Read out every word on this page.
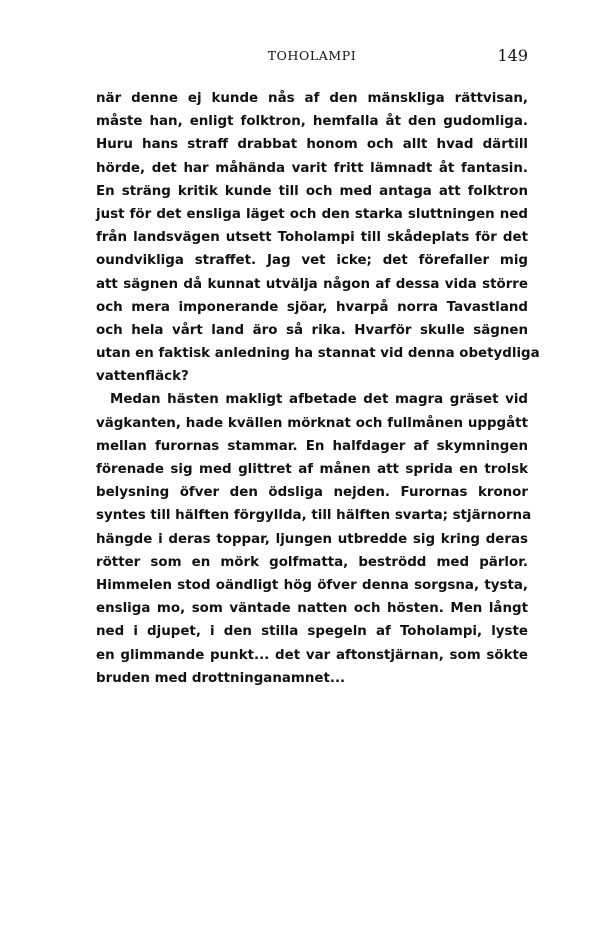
TOHOLAMPI	149
när denne ej kunde nås af den mänskliga rättvisan,
måste han, enligt folktron, hemfalla åt den gudomliga.
Huru hans straff drabbat honom och allt hvad därtill
hörde, det har måhända varit fritt lämnadt åt fantasin.
En sträng kritik kunde till och med antaga att folktron
just för det ensliga läget och den starka sluttningen ned
från landsvägen utsett Toholampi till skådeplats för det
oundvikliga straffet. Jag vet icke; det förefaller mig
att sägnen då kunnat utvälja någon af dessa vida större
och mera imponerande sjöar, hvarpå norra Tavastland
och hela vårt land äro så rika. Hvarför skulle sägnen
utan en faktisk anledning ha stannat vid denna obetydliga
vattenfläck?
Medan hästen makligt afbetade det magra gräset vid
vägkanten, hade kvällen mörknat och fullmånen uppgått
mellan furornas stammar. En halfdager af skymningen
förenade sig med glittret af månen att sprida en trolsk
belysning öfver den ödsliga nejden. Furornas kronor
syntes till hälften förgyllda, till hälften svarta; stjärnorna
hängde i deras toppar, ljungen utbredde sig kring deras
rötter som en mörk golfmatta, beströdd med pärlor.
Himmelen stod oändligt hög öfver denna sorgsna, tysta,
ensliga mo, som väntade natten och hösten. Men långt
ned i djupet, i den stilla spegeln af Toholampi, lyste
en glimmande punkt... det var aftonstjärnan, som sökte
bruden med drottninganamnet...
